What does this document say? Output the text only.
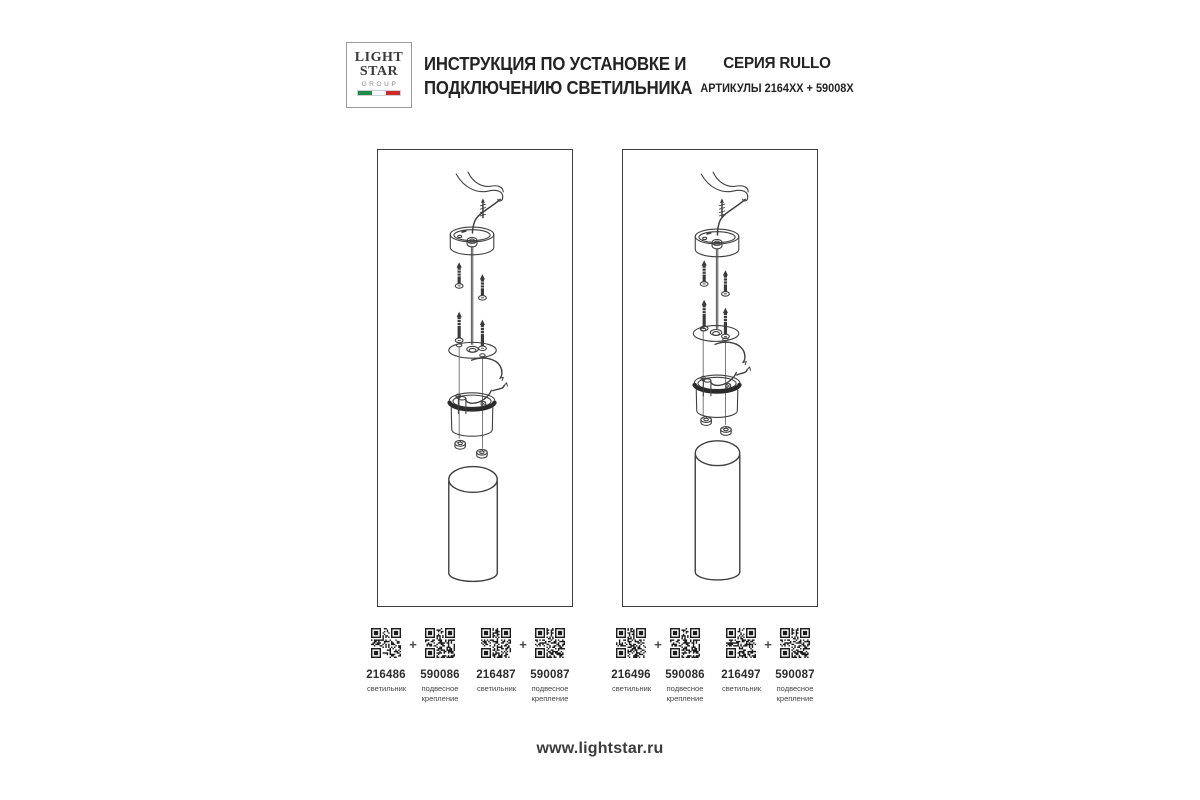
LIGHT
STAR
GROUP
ИНСТРУКЦИЯ ПО УСТАНОВКЕ И
ПОДКЛЮЧЕНИЮ СВЕТИЛЬНИКА
СЕРИЯ RULLO
АРТИКУЛЫ 2164XX + 59008X
216486
светильник
+
590086
подвесное крепление
216487
светильник
+
590087
подвесное крепление
216496
светильник
+
590086
подвесное крепление
216497
светильник
+
590087
подвесное крепление
www.lightstar.ru
